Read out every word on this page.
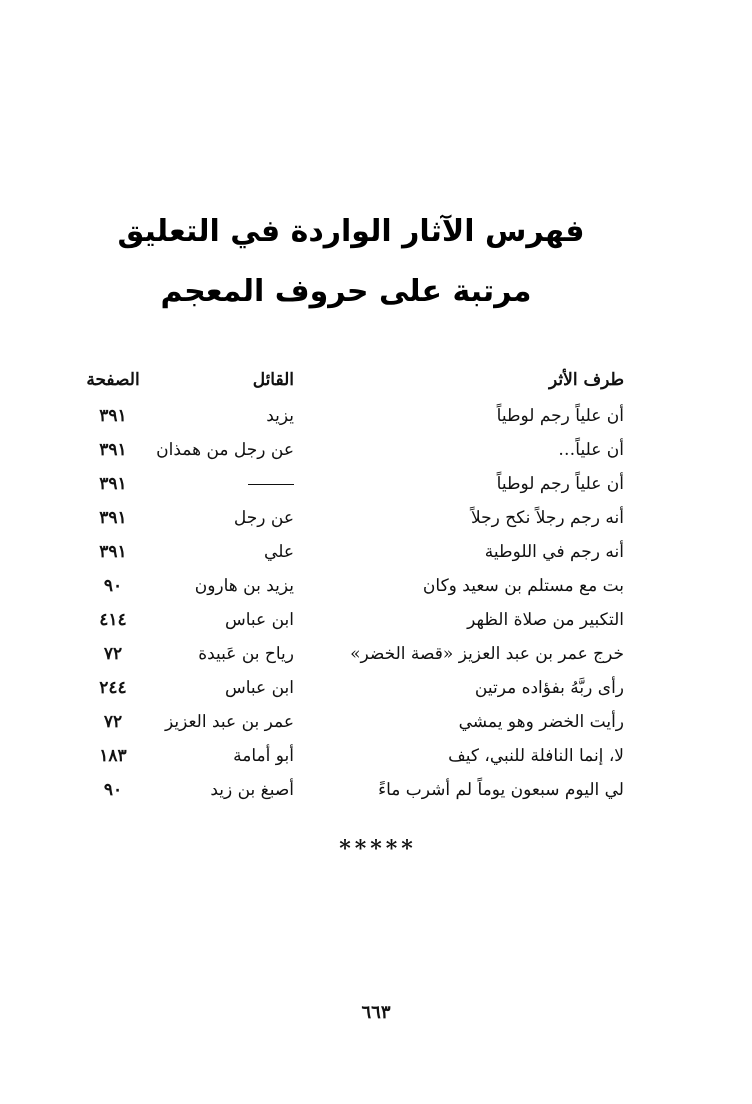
فهرس الآثار الواردة في التعليق
مرتبة على حروف المعجم
طرف الأثر
القائل
الصفحة
أن علياً رجم لوطياً
يزيد
٣٩١
أن علياً…
عن رجل من همذان
٣٩١
أن علياً رجم لوطياً
٣٩١
أنه رجم رجلاً نكح رجلاً
عن رجل
٣٩١
أنه رجم في اللوطية
علي
٣٩١
بت مع مستلم بن سعيد وكان
يزيد بن هارون
٩٠
التكبير من صلاة الظهر
ابن عباس
٤١٤
خرج عمر بن عبد العزيز «قصة الخضر»
رياح بن عَبيدة
٧٢
رأى ربَّهُ بفؤاده مرتين
ابن عباس
٢٤٤
رأيت الخضر وهو يمشي
عمر بن عبد العزيز
٧٢
لا، إنما النافلة للنبي، كيف
أبو أمامة
١٨٣
لي اليوم سبعون يوماً لم أشرب ماءً
أصبغ بن زيد
٩٠
*****
٦٦٣
